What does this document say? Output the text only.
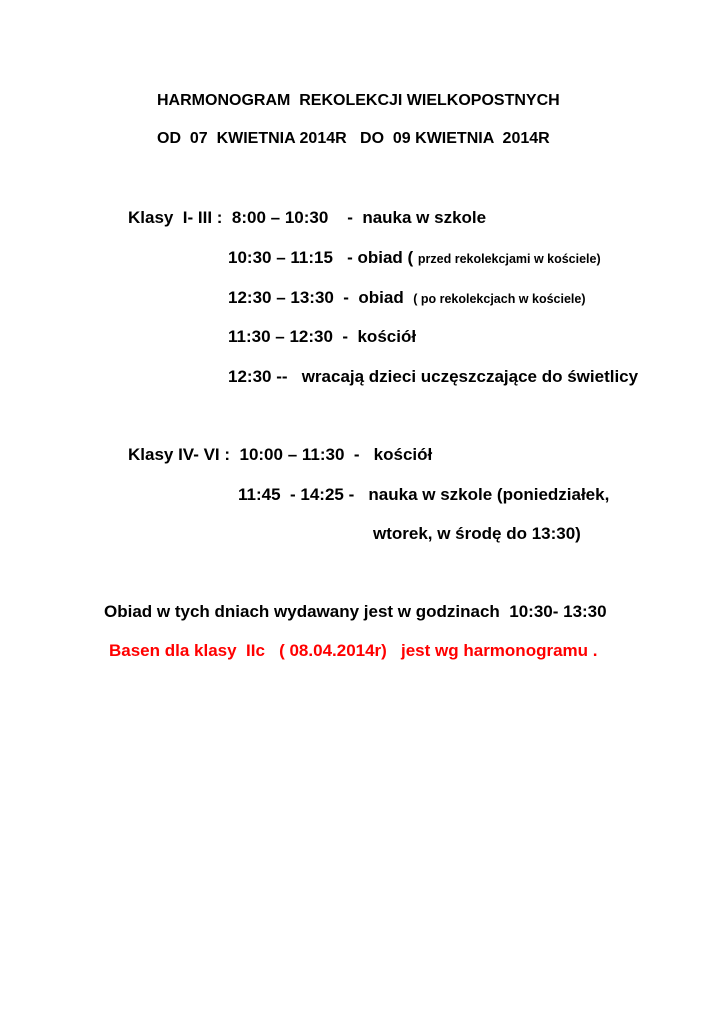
HARMONOGRAM  REKOLEKCJI WIELKOPOSTNYCH
OD  07  KWIETNIA 2014R   DO  09 KWIETNIA  2014R
Klasy  I- III :  8:00 – 10:30    -  nauka w szkole
10:30 – 11:15   - obiad ( przed rekolekcjami w kościele)
12:30 – 13:30  -  obiad  ( po rekolekcjach w kościele)
11:30 – 12:30  -  kościół
12:30 --   wracają dzieci uczęszczające do świetlicy
Klasy IV- VI :  10:00 – 11:30  -   kościół
11:45  - 14:25 -   nauka w szkole (poniedziałek,
wtorek, w środę do 13:30)
Obiad w tych dniach wydawany jest w godzinach  10:30- 13:30
Basen dla klasy  IIc   ( 08.04.2014r)   jest wg harmonogramu .
